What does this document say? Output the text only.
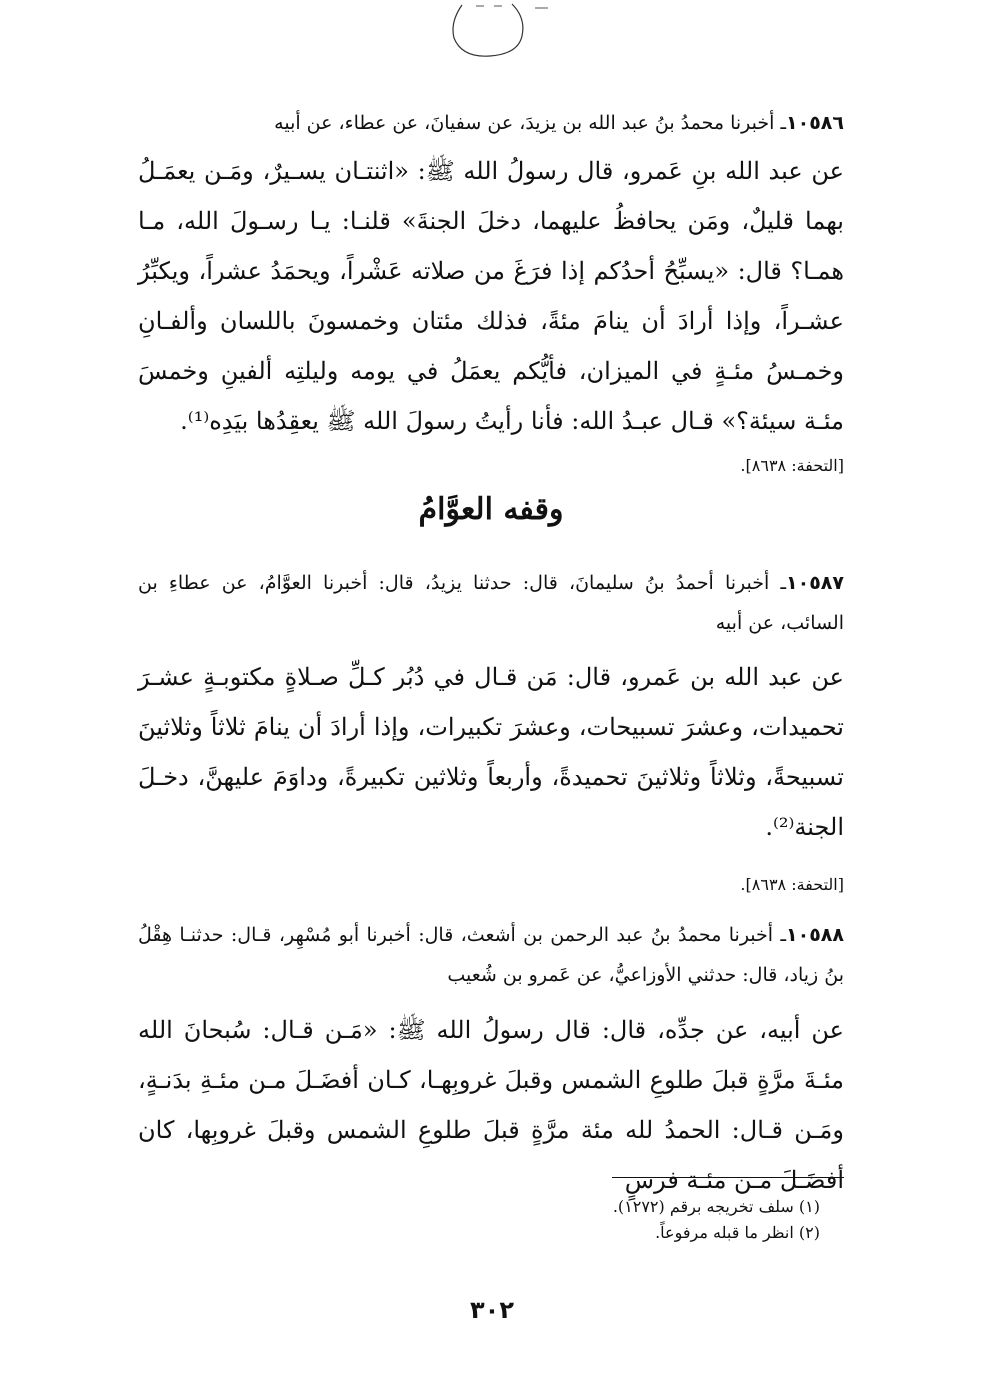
١٠٥٨٦ـ أخبرنا محمدُ بنُ عبد الله بن يزيدَ، عن سفيانَ، عن عطاء، عن أبيه
عن عبد الله بنِ عَمرو، قال رسولُ الله ﷺ: «اثنتـان يسـيرٌ، ومَـن يعمَـلُ بهما قليلٌ، ومَن يحافظُ عليهما، دخلَ الجنةَ» قلنـا: يـا رسـولَ الله، مـا همـا؟ قال: «يسبِّحُ أحدُكم إذا فرَغَ من صلاته عَشْراً، ويحمَدُ عشراً، ويكبِّرُ عشـراً، وإذا أرادَ أن ينامَ مئةً، فذلك مئتان وخمسونَ باللسان وألفـانِ وخمـسُ مئـةٍ في الميزان، فأيُّكم يعمَلُ في يومه وليلتِه ألفينِ وخمسَ مئـة سيئة؟» قـال عبـدُ الله: فأنا رأيتُ رسولَ الله ﷺ يعقِدُها بيَدِه⁽¹⁾.
[التحفة: ٨٦٣٨].
وقفه العوَّامُ
١٠٥٨٧ـ أخبرنا أحمدُ بنُ سليمانَ، قال: حدثنا يزيدُ، قال: أخبرنا العوَّامُ، عن عطاءِ بن السائب، عن أبيه
عن عبد الله بن عَمرو، قال: مَن قـال في دُبُر كـلِّ صـلاةٍ مكتوبـةٍ عشـرَ تحميدات، وعشرَ تسبيحات، وعشرَ تكبيرات، وإذا أرادَ أن ينامَ ثلاثاً وثلاثينَ تسبيحةً، وثلاثاً وثلاثينَ تحميدةً، وأربعاً وثلاثين تكبيرةً، وداوَمَ عليهنَّ، دخـلَ الجنة⁽²⁾.
[التحفة: ٨٦٣٨].
١٠٥٨٨ـ أخبرنا محمدُ بنُ عبد الرحمن بن أشعث، قال: أخبرنا أبو مُسْهِر، قـال: حدثنـا هِقْلُ بنُ زياد، قال: حدثني الأوزاعيُّ، عن عَمرو بن شُعيب
عن أبيه، عن جدِّه، قال: قال رسولُ الله ﷺ: «مَـن قـال: سُبحانَ الله مئـةَ مرَّةٍ قبلَ طلوعِ الشمس وقبلَ غروبِهـا، كـان أفضَـلَ مـن مئـةِ بدَنـةٍ، ومَـن قـال: الحمدُ لله مئة مرَّةٍ قبلَ طلوعِ الشمس وقبلَ غروبِها، كان أفضَـلَ مـن مئـة فرسٍ
(١) سلف تخريجه برقم (١٢٧٢).
(٢) انظر ما قبله مرفوعاً.
٣٠٢
